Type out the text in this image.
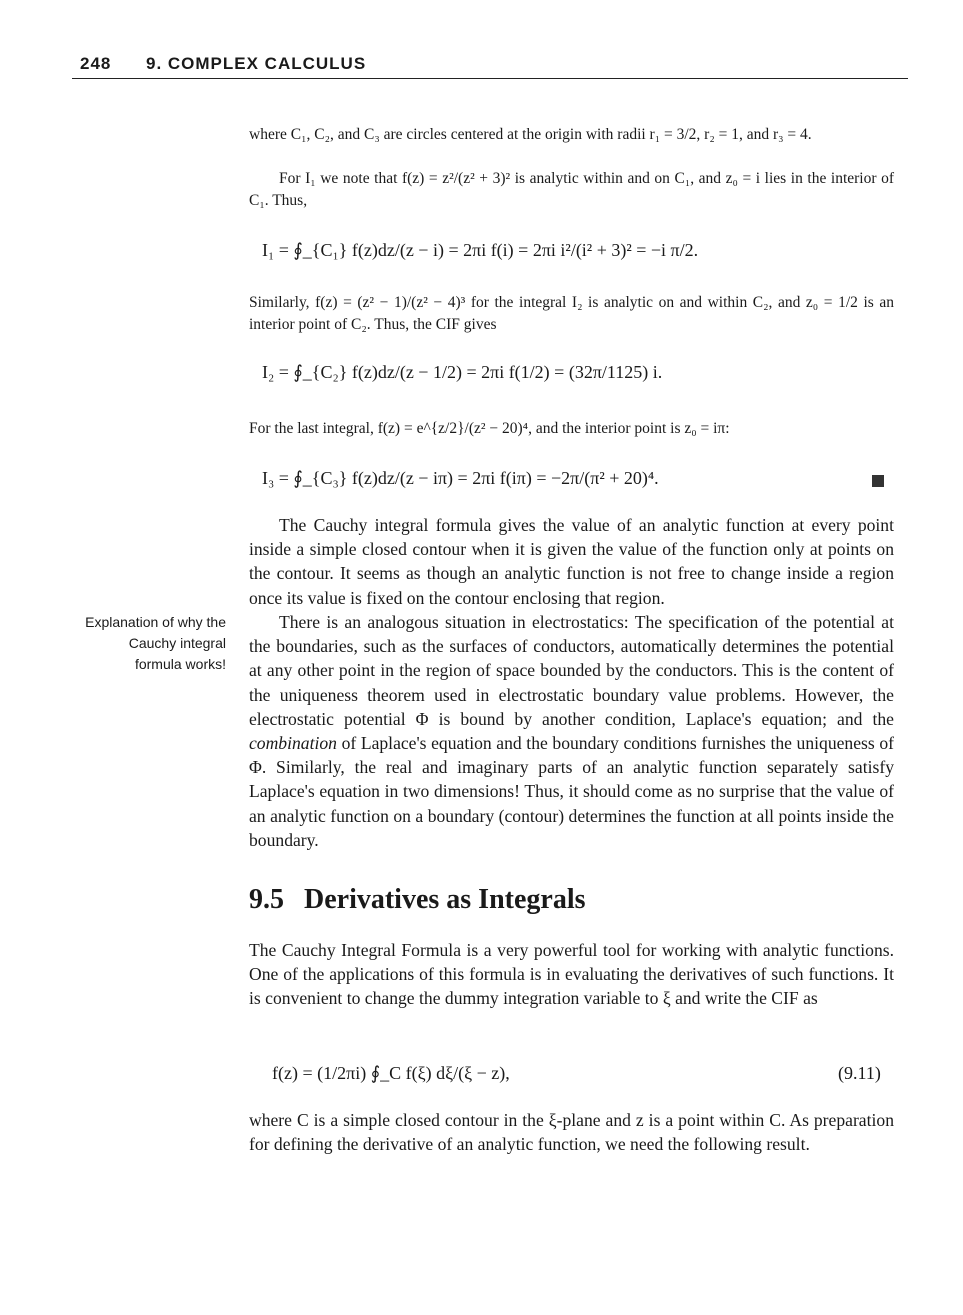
248 9. COMPLEX CALCULUS

where C₁, C₂, and C₃ are circles centered at the origin with radii r₁ = 3/2, r₂ = 1, and r₃ = 4.

For I₁ we note that f(z) = z²/(z² + 3)² is analytic within and on C₁, and z₀ = i lies in the interior of C₁. Thus,

I₁ = ∮_{C₁} f(z)dz/(z − i) = 2πi f(i) = 2πi i²/(i² + 3)² = −i π/2.

Similarly, f(z) = (z² − 1)/(z² − 4)³ for the integral I₂ is analytic on and within C₂, and z₀ = 1/2 is an interior point of C₂. Thus, the CIF gives

I₂ = ∮_{C₂} f(z)dz/(z − 1/2) = 2πi f(1/2) = (32π/1125) i.

For the last integral, f(z) = e^{z/2}/(z² − 20)⁴, and the interior point is z₀ = iπ:

I₃ = ∮_{C₃} f(z)dz/(z − iπ) = 2πi f(iπ) = −2π/(π² + 20)⁴.

The Cauchy integral formula gives the value of an analytic function at every point inside a simple closed contour when it is given the value of the function only at points on the contour. It seems as though an analytic function is not free to change inside a region once its value is fixed on the contour enclosing that region.

Explanation of why the Cauchy integral formula works!

There is an analogous situation in electrostatics: The specification of the potential at the boundaries, such as the surfaces of conductors, automatically determines the potential at any other point in the region of space bounded by the conductors. This is the content of the uniqueness theorem used in electrostatic boundary value problems. However, the electrostatic potential Φ is bound by another condition, Laplace's equation; and the combination of Laplace's equation and the boundary conditions furnishes the uniqueness of Φ. Similarly, the real and imaginary parts of an analytic function separately satisfy Laplace's equation in two dimensions! Thus, it should come as no surprise that the value of an analytic function on a boundary (contour) determines the function at all points inside the boundary.

9.5 Derivatives as Integrals

The Cauchy Integral Formula is a very powerful tool for working with analytic functions. One of the applications of this formula is in evaluating the derivatives of such functions. It is convenient to change the dummy integration variable to ξ and write the CIF as

f(z) = (1/2πi) ∮_C f(ξ) dξ/(ξ − z),	(9.11)

where C is a simple closed contour in the ξ-plane and z is a point within C. As preparation for defining the derivative of an analytic function, we need the following result.
